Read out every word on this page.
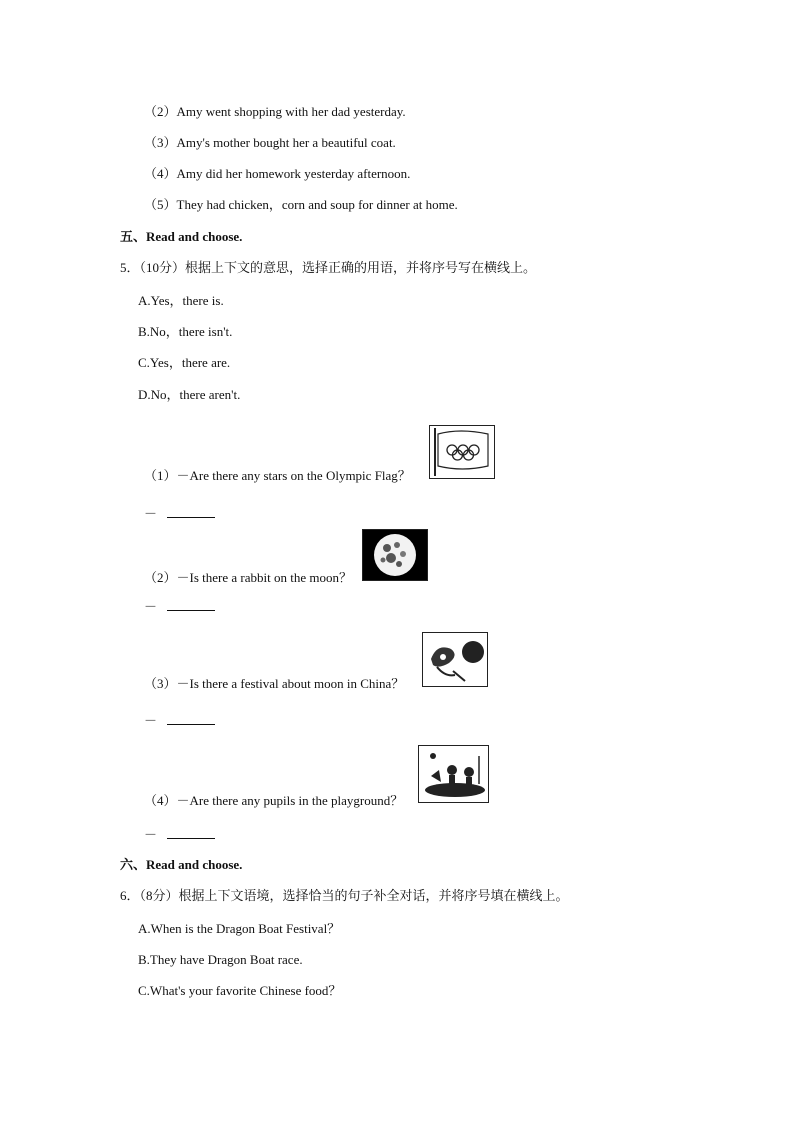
（2）Amy went shopping with her dad yesterday.
（3）Amy's mother bought her a beautiful coat.
（4）Amy did her homework yesterday afternoon.
（5）They had chicken，corn and soup for dinner at home.
五、Read and choose.
5．（10分）根据上下文的意思，选择正确的用语，并将序号写在横线上。
A.Yes，there is.
B.No，there isn't.
C.Yes，there are.
D.No，there aren't.
（1）－Are there any stars on the Olympic Flag？
－
（2）－Is there a rabbit on the moon？
－
（3）－Is there a festival about moon in China？
－
（4）－Are there any pupils in the playground？
－
六、Read and choose.
6．（8分）根据上下文语境，选择恰当的句子补全对话，并将序号填在横线上。
A.When is the Dragon Boat Festival？
B.They have Dragon Boat race.
C.What's your favorite Chinese food？
